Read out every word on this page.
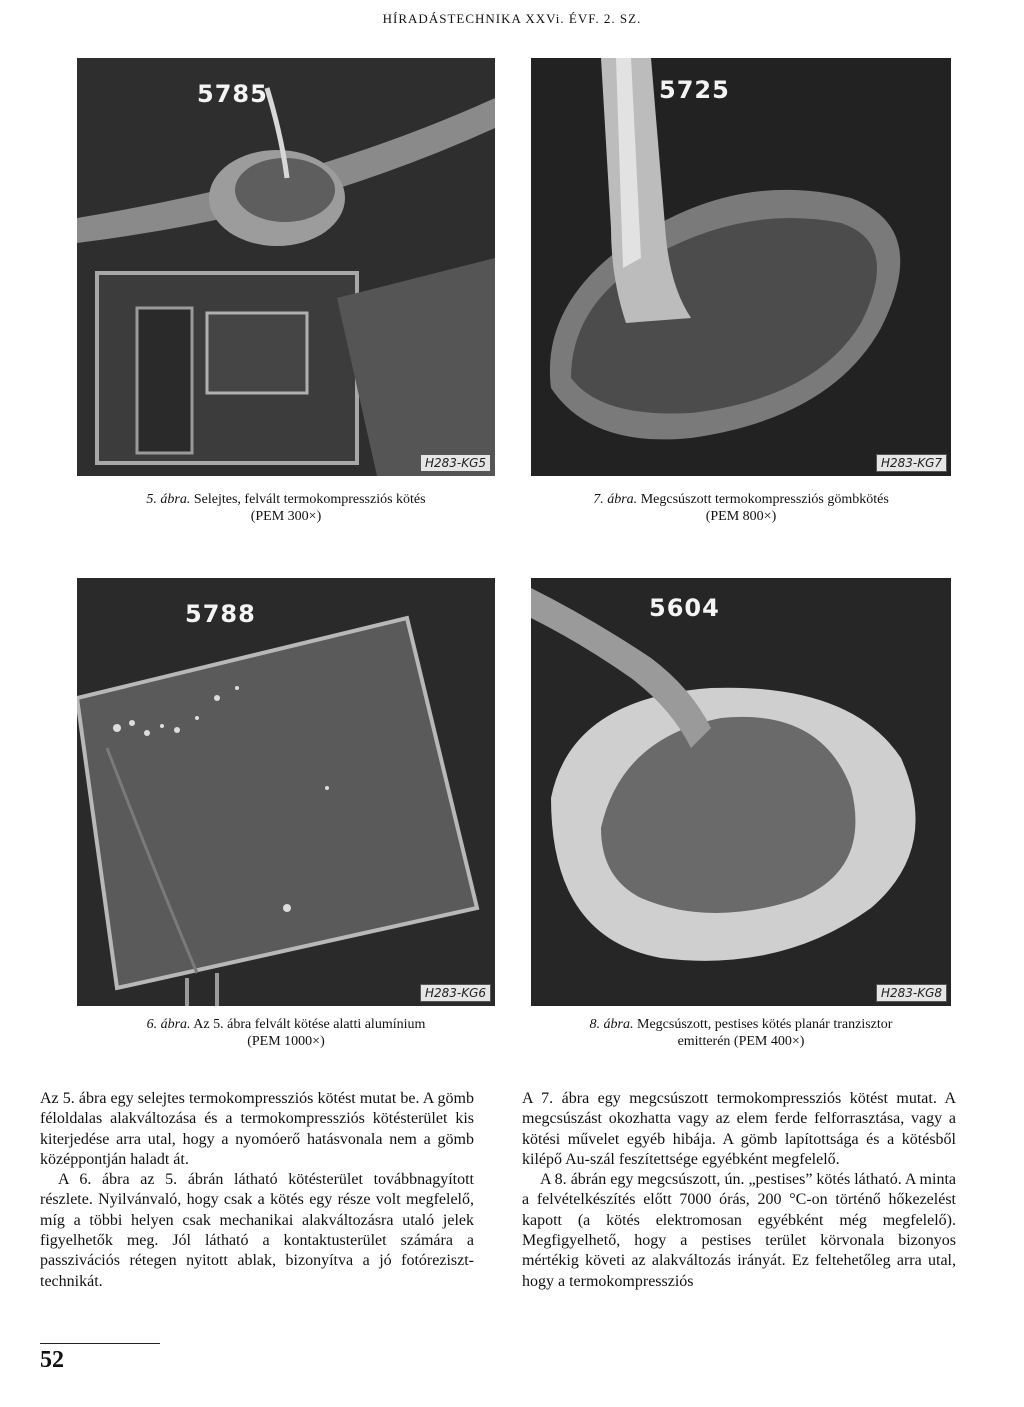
HÍRADÁSTECHNIKA XXVi. ÉVF. 2. SZ.
5785
H283-KG5
5725
H283-KG7
5. ábra. Selejtes, felvált termokompressziós kötés
(PEM 300×)
7. ábra. Megcsúszott termokompressziós gömbkötés
(PEM 800×)
5788
H283-KG6
5604
H283-KG8
6. ábra. Az 5. ábra felvált kötése alatti alumínium
(PEM 1000×)
8. ábra. Megcsúszott, pestises kötés planár tranzisztor
emitterén (PEM 400×)

Az 5. ábra egy selejtes termokompressziós kötést mutat be. A gömb féloldalas alakváltozása és a termokompressziós kötésterület kis kiterjedése arra utal, hogy a nyomóerő hatásvonala nem a gömb középpontján haladt át.

A 6. ábra az 5. ábrán látható kötésterület továbbnagyított részlete. Nyilvánvaló, hogy csak a kötés egy része volt megfelelő, míg a többi helyen csak mechanikai alakváltozásra utaló jelek figyelhetők meg. Jól látható a kontaktusterület számára a passzivációs rétegen nyitott ablak, bizonyítva a jó fotóreziszt-technikát.

A 7. ábra egy megcsúszott termokompressziós kötést mutat. A megcsúszást okozhatta vagy az elem ferde felforrasztása, vagy a kötési művelet egyéb hibája. A gömb lapítottsága és a kötésből kilépő Au-szál feszítettsége egyébként megfelelő.

A 8. ábrán egy megcsúszott, ún. „pestises” kötés látható. A minta a felvételkészítés előtt 7000 órás, 200 °C-on történő hőkezelést kapott (a kötés elektromosan egyébként még megfelelő). Megfigyelhető, hogy a pestises terület körvonala bizonyos mértékig követi az alakváltozás irányát. Ez feltehetőleg arra utal, hogy a termokompressziós

52
